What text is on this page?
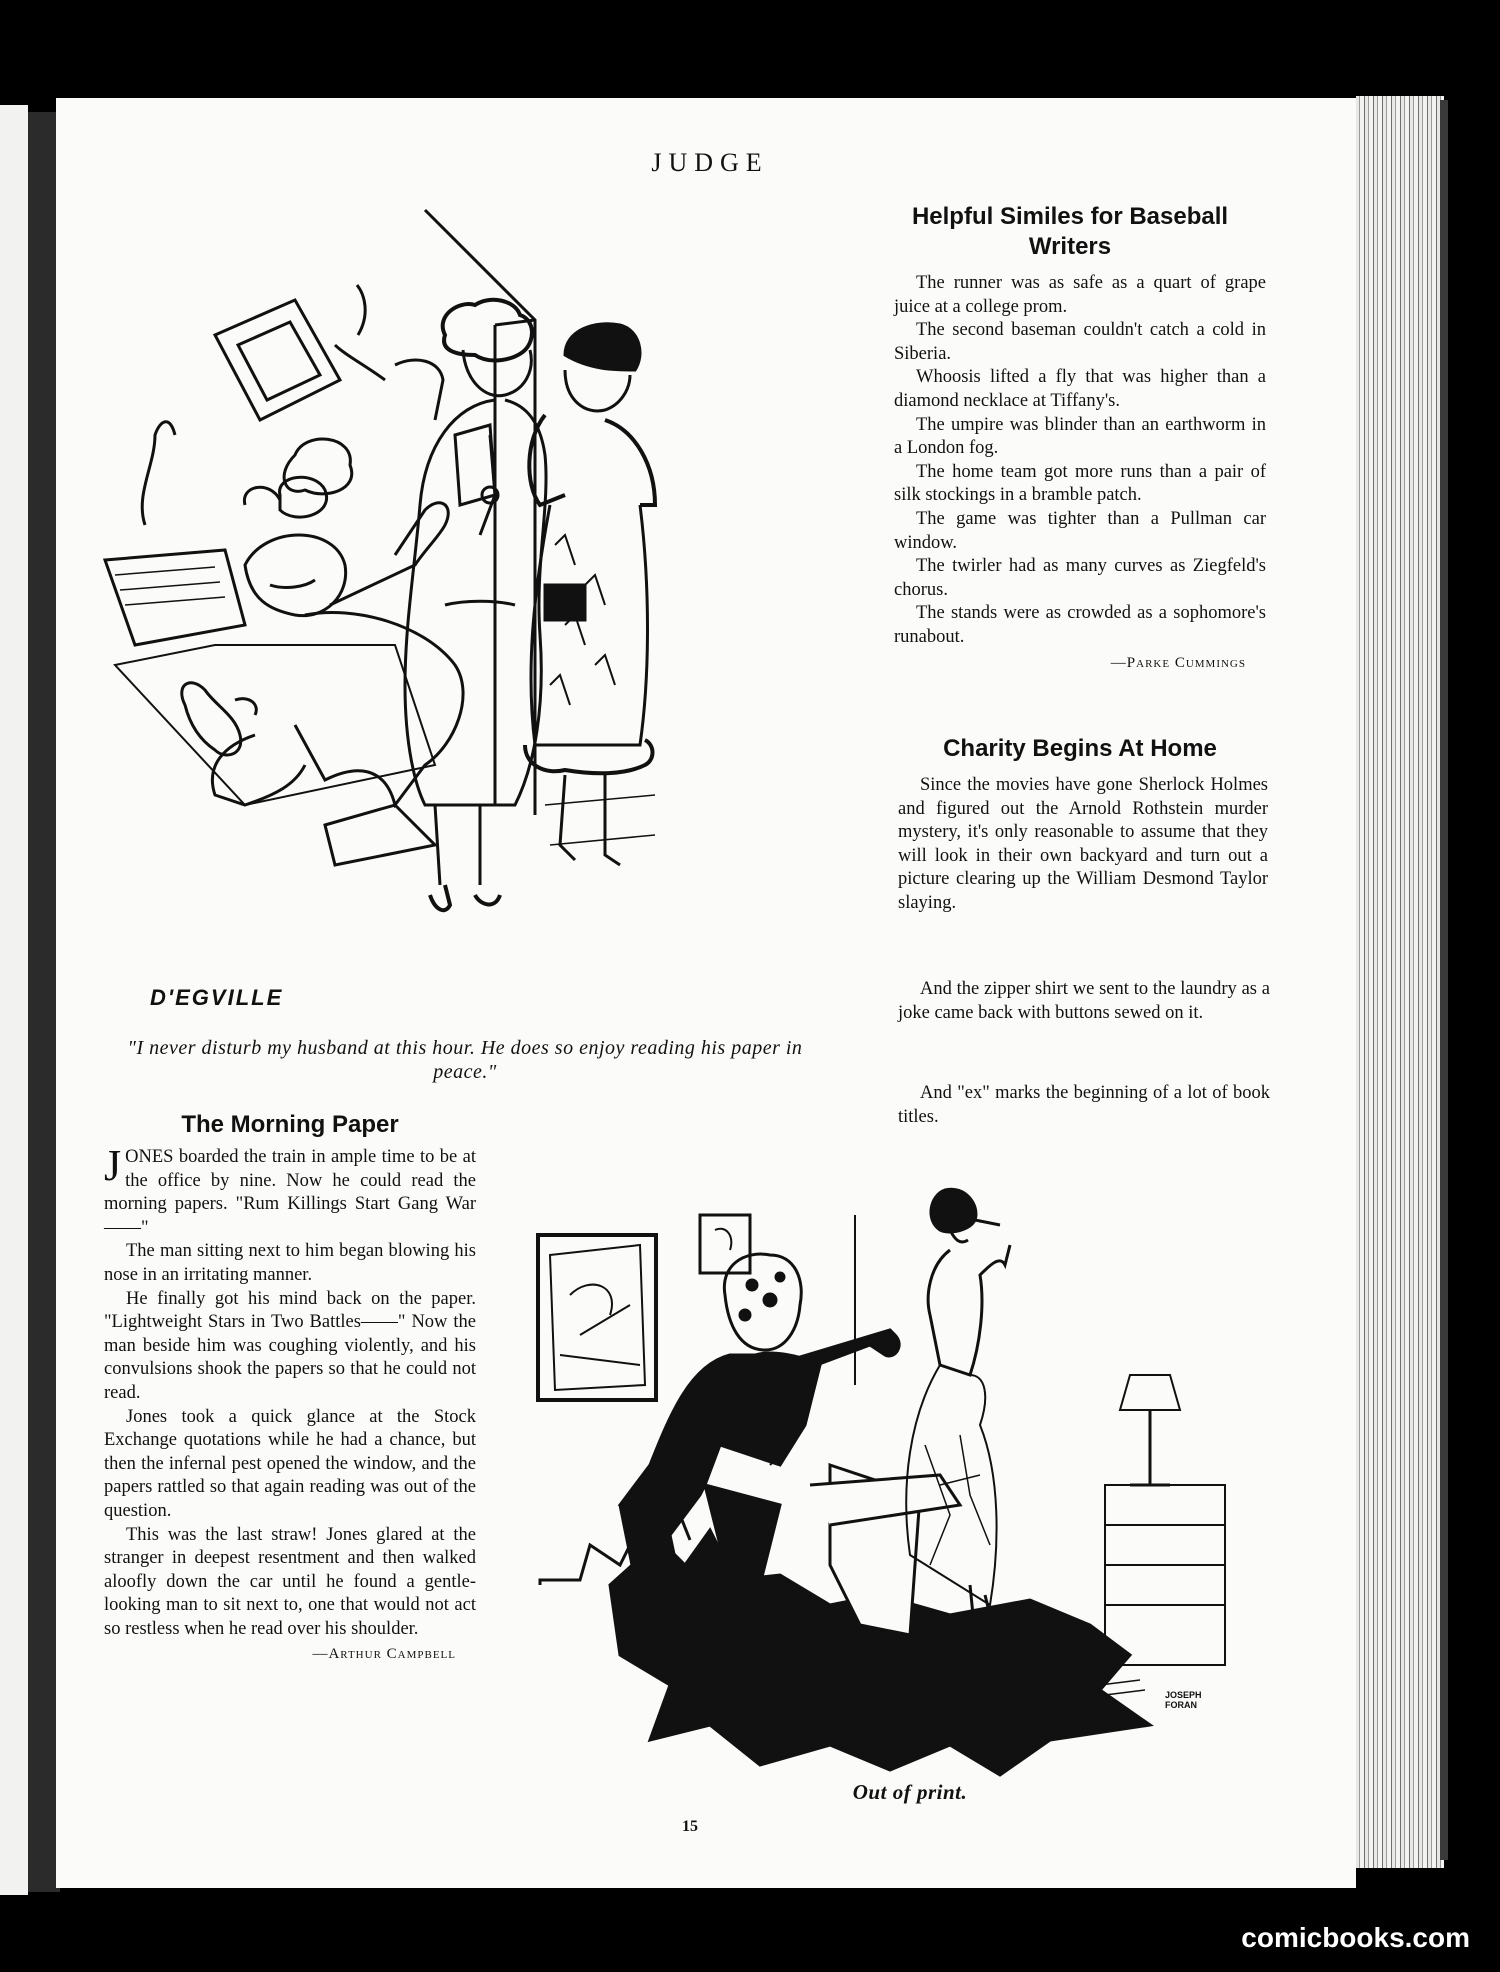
JUDGE
Helpful Similes for Baseball Writers

The runner was as safe as a quart of grape juice at a college prom.

The second baseman couldn't catch a cold in Siberia.

Whoosis lifted a fly that was higher than a diamond necklace at Tiffany's.

The umpire was blinder than an earthworm in a London fog.

The home team got more runs than a pair of silk stockings in a bramble patch.

The game was tighter than a Pullman car window.

The twirler had as many curves as Ziegfeld's chorus.

The stands were as crowded as a sophomore's runabout.

—Parke Cummings
Charity Begins At Home

Since the movies have gone Sherlock Holmes and figured out the Arnold Rothstein murder mystery, it's only reasonable to assume that they will look in their own backyard and turn out a picture clearing up the William Desmond Taylor slaying.

And the zipper shirt we sent to the laundry as a joke came back with buttons sewed on it.

And "ex" marks the beginning of a lot of book titles.

D'EGVILLE
"I never disturb my husband at this hour. He does so enjoy reading his paper in peace."
The Morning Paper

JONES boarded the train in ample time to be at the office by nine. Now he could read the morning papers. "Rum Killings Start Gang War——"

The man sitting next to him began blowing his nose in an irritating manner.

He finally got his mind back on the paper. "Lightweight Stars in Two Battles——" Now the man beside him was coughing violently, and his convulsions shook the papers so that he could not read.

Jones took a quick glance at the Stock Exchange quotations while he had a chance, but then the infernal pest opened the window, and the papers rattled so that again reading was out of the question.

This was the last straw! Jones glared at the stranger in deepest resentment and then walked aloofly down the car until he found a gentle-looking man to sit next to, one that would not act so restless when he read over his shoulder.

—Arthur Campbell
JOSEPH FORAN
Out of print.
15
comicbooks.com
